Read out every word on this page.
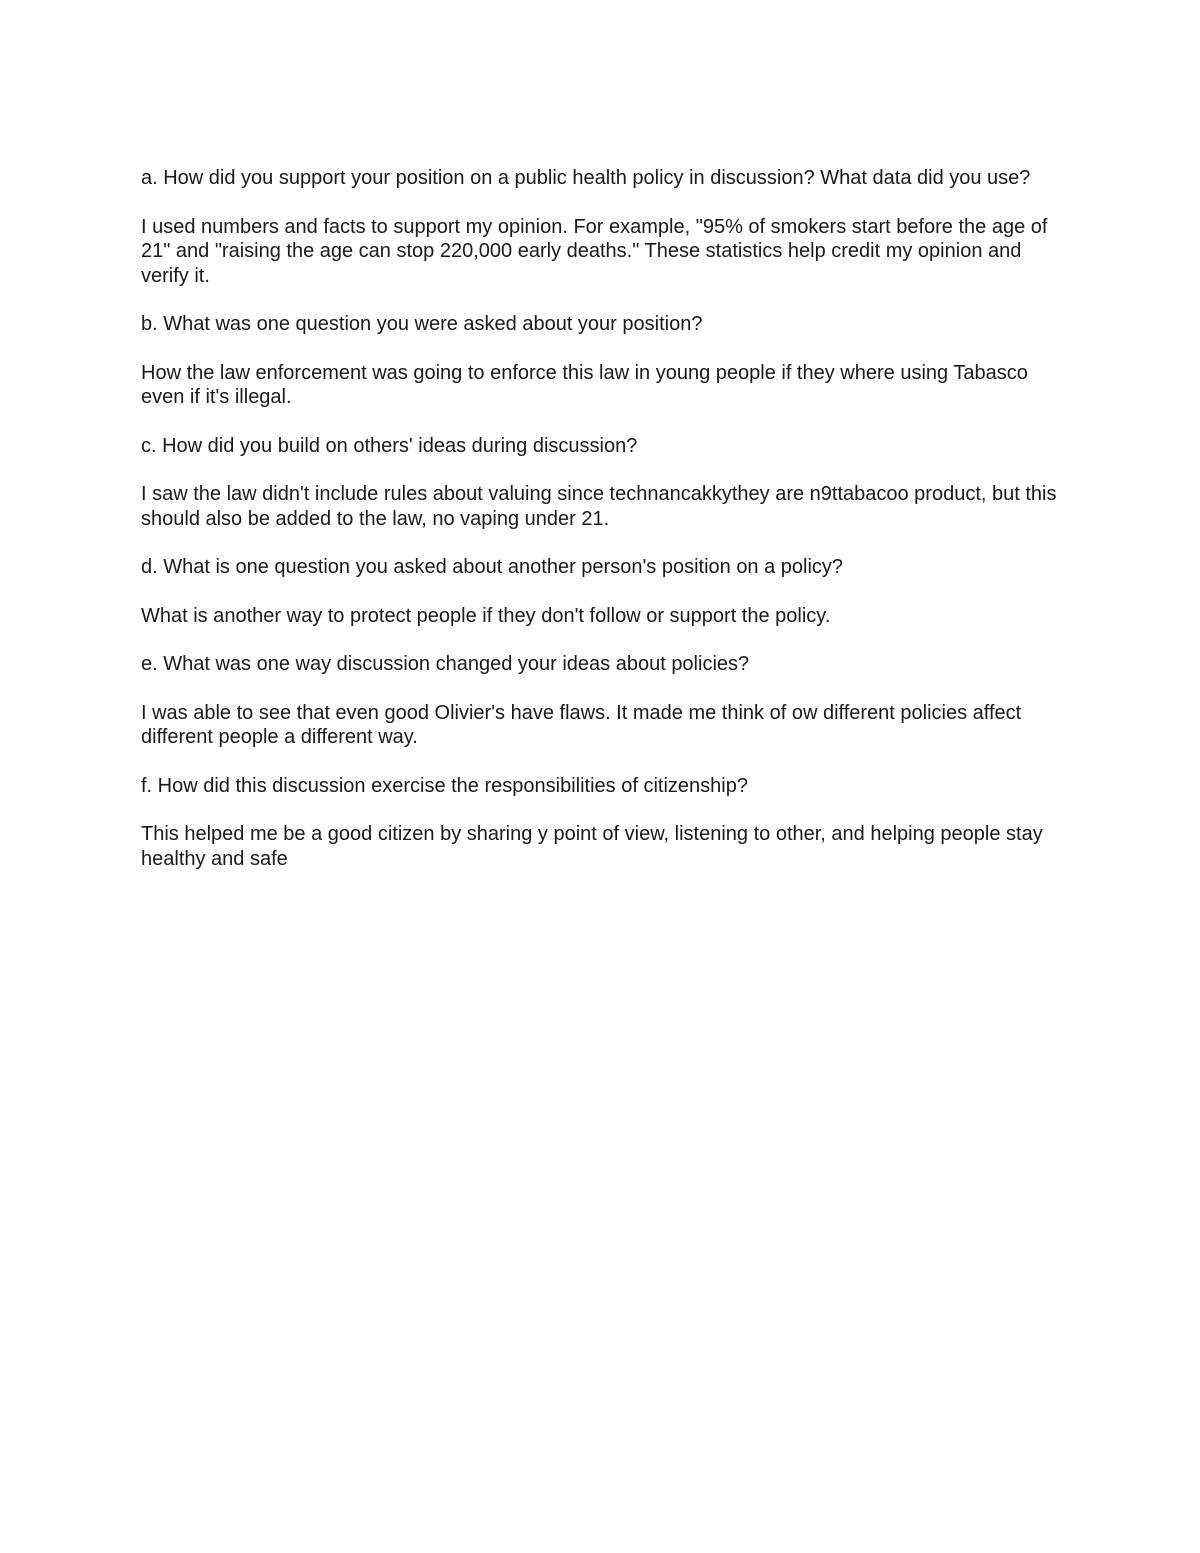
a. How did you support your position on a public health policy in discussion? What data did you use?

I used numbers and facts to support my opinion. For example, "95% of smokers start before the age of 21" and "raising the age can stop 220,000 early deaths." These statistics help credit my opinion and verify it.

b. What was one question you were asked about your position?

How the law enforcement was going to enforce this law in young people if they where using Tabasco even if it's illegal.

c. How did you build on others' ideas during discussion?

I saw the law didn't include rules about valuing since technancakkythey are n9ttabacoo product, but this should also be added to the law, no vaping under 21.

d. What is one question you asked about another person's position on a policy?

What is another way to protect people if they don't follow or support the policy.

e. What was one way discussion changed your ideas about policies?

I was able to see that even good Olivier's have flaws. It made me think of ow different policies affect different people a different way.

f. How did this discussion exercise the responsibilities of citizenship?

This helped me be a good citizen by sharing y point of view, listening to other, and helping people stay healthy and safe
